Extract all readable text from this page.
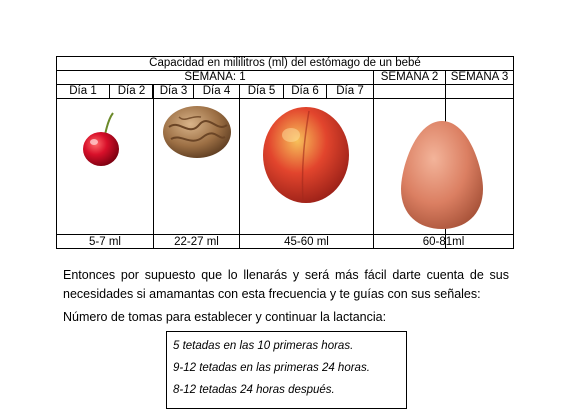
Capacidad en mililitros (ml) del estómago de un bebé
SEMANA: 1	SEMANA 2	SEMANA 3
Día 1	Día 2	Día 3	Día 4	Día 5	Día 6	Día 7
5-7 ml	22-27 ml	45-60 ml	60-81ml
Entonces por supuesto que lo llenarás y será más fácil darte cuenta de sus
necesidades si amamantas con esta frecuencia y te guías con sus señales:
Número de tomas para establecer y continuar la lactancia:
5 tetadas en las 10 primeras horas.
9-12 tetadas en las primeras 24 horas.
8-12 tetadas 24 horas después.
